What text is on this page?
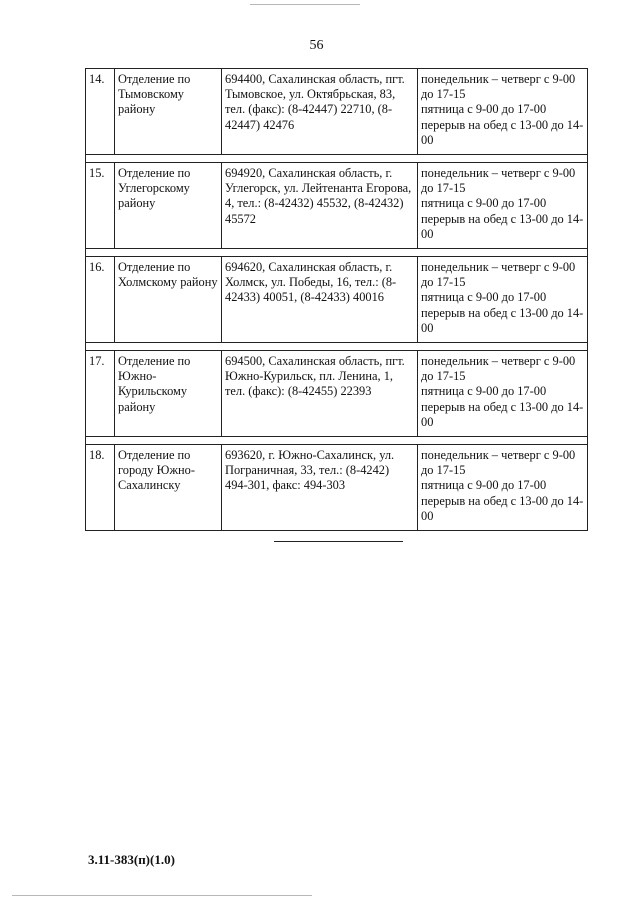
56
14.	Отделение по Тымовскому району	694400, Сахалинская область, пгт. Тымовское, ул. Октябрьская, 83, тел. (факс): (8-42447) 22710, (8-42447) 42476	понедельник – четверг с 9-00 до 17-15
пятница с 9-00 до 17-00
перерыв на обед с 13-00 до 14-00

15.	Отделение по Углегорскому району	694920, Сахалинская область, г. Углегорск, ул. Лейтенанта Егорова, 4, тел.: (8-42432) 45532, (8-42432) 45572	понедельник – четверг с 9-00 до 17-15
пятница с 9-00 до 17-00
перерыв на обед с 13-00 до 14-00

16.	Отделение по Холмскому району	694620, Сахалинская область, г. Холмск, ул. Победы, 16, тел.: (8-42433) 40051, (8-42433) 40016	понедельник – четверг с 9-00 до 17-15
пятница с 9-00 до 17-00
перерыв на обед с 13-00 до 14-00

17.	Отделение по Южно-Курильскому району	694500, Сахалинская область, пгт. Южно-Курильск, пл. Ленина, 1, тел. (факс): (8-42455) 22393	понедельник – четверг с 9-00 до 17-15
пятница с 9-00 до 17-00
перерыв на обед с 13-00 до 14-00

18.	Отделение по городу Южно-Сахалинску	693620, г. Южно-Сахалинск, ул. Пограничная, 33, тел.: (8-4242) 494-301, факс: 494-303	понедельник – четверг с 9-00 до 17-15
пятница с 9-00 до 17-00
перерыв на обед с 13-00 до 14-00
3.11-383(п)(1.0)
